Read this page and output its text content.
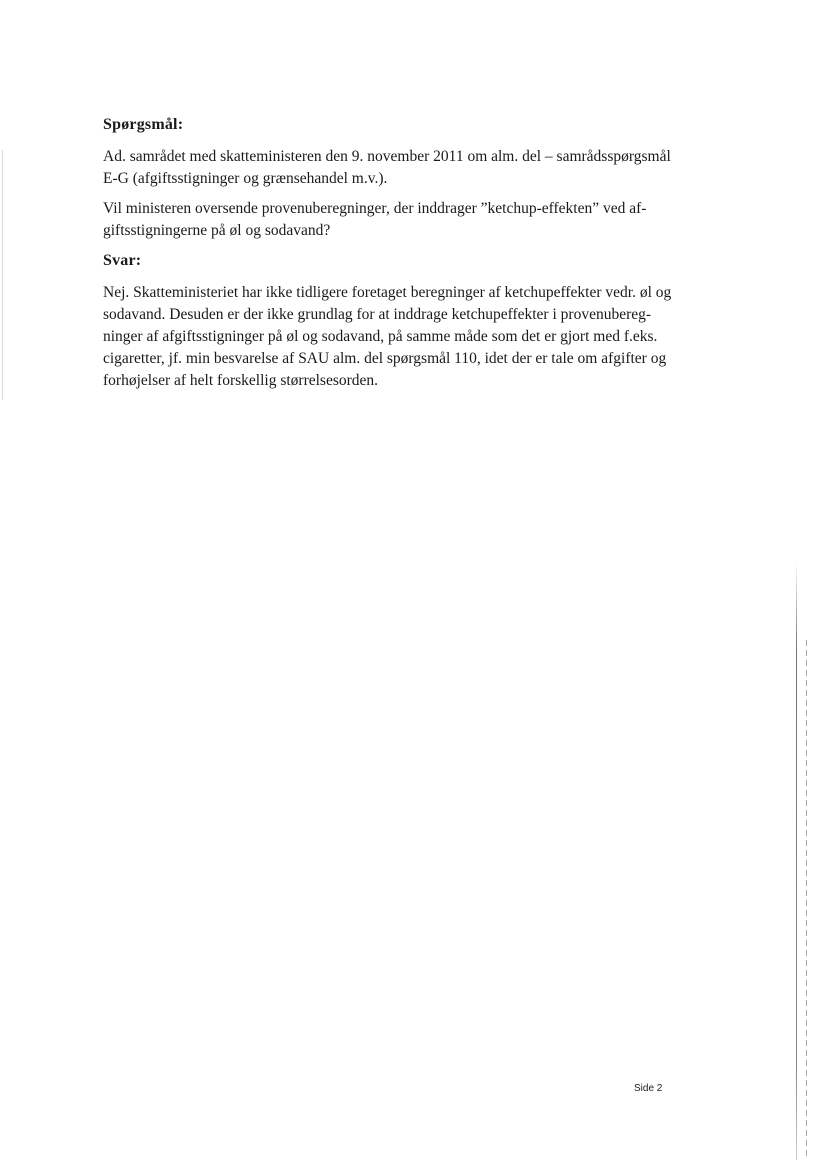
Spørgsmål:
Ad. samrådet med skatteministeren den 9. november 2011 om alm. del – samrådsspørgsmål
E-G (afgiftsstigninger og grænsehandel m.v.).
Vil ministeren oversende provenuberegninger, der inddrager ”ketchup-effekten” ved af-
giftsstigningerne på øl og sodavand?
Svar:
Nej. Skatteministeriet har ikke tidligere foretaget beregninger af ketchupeffekter vedr. øl og
sodavand. Desuden er der ikke grundlag for at inddrage ketchupeffekter i provenubereg-
ninger af afgiftsstigninger på øl og sodavand, på samme måde som det er gjort med f.eks.
cigaretter, jf. min besvarelse af SAU alm. del spørgsmål 110, idet der er tale om afgifter og
forhøjelser af helt forskellig størrelsesorden.
Side 2
